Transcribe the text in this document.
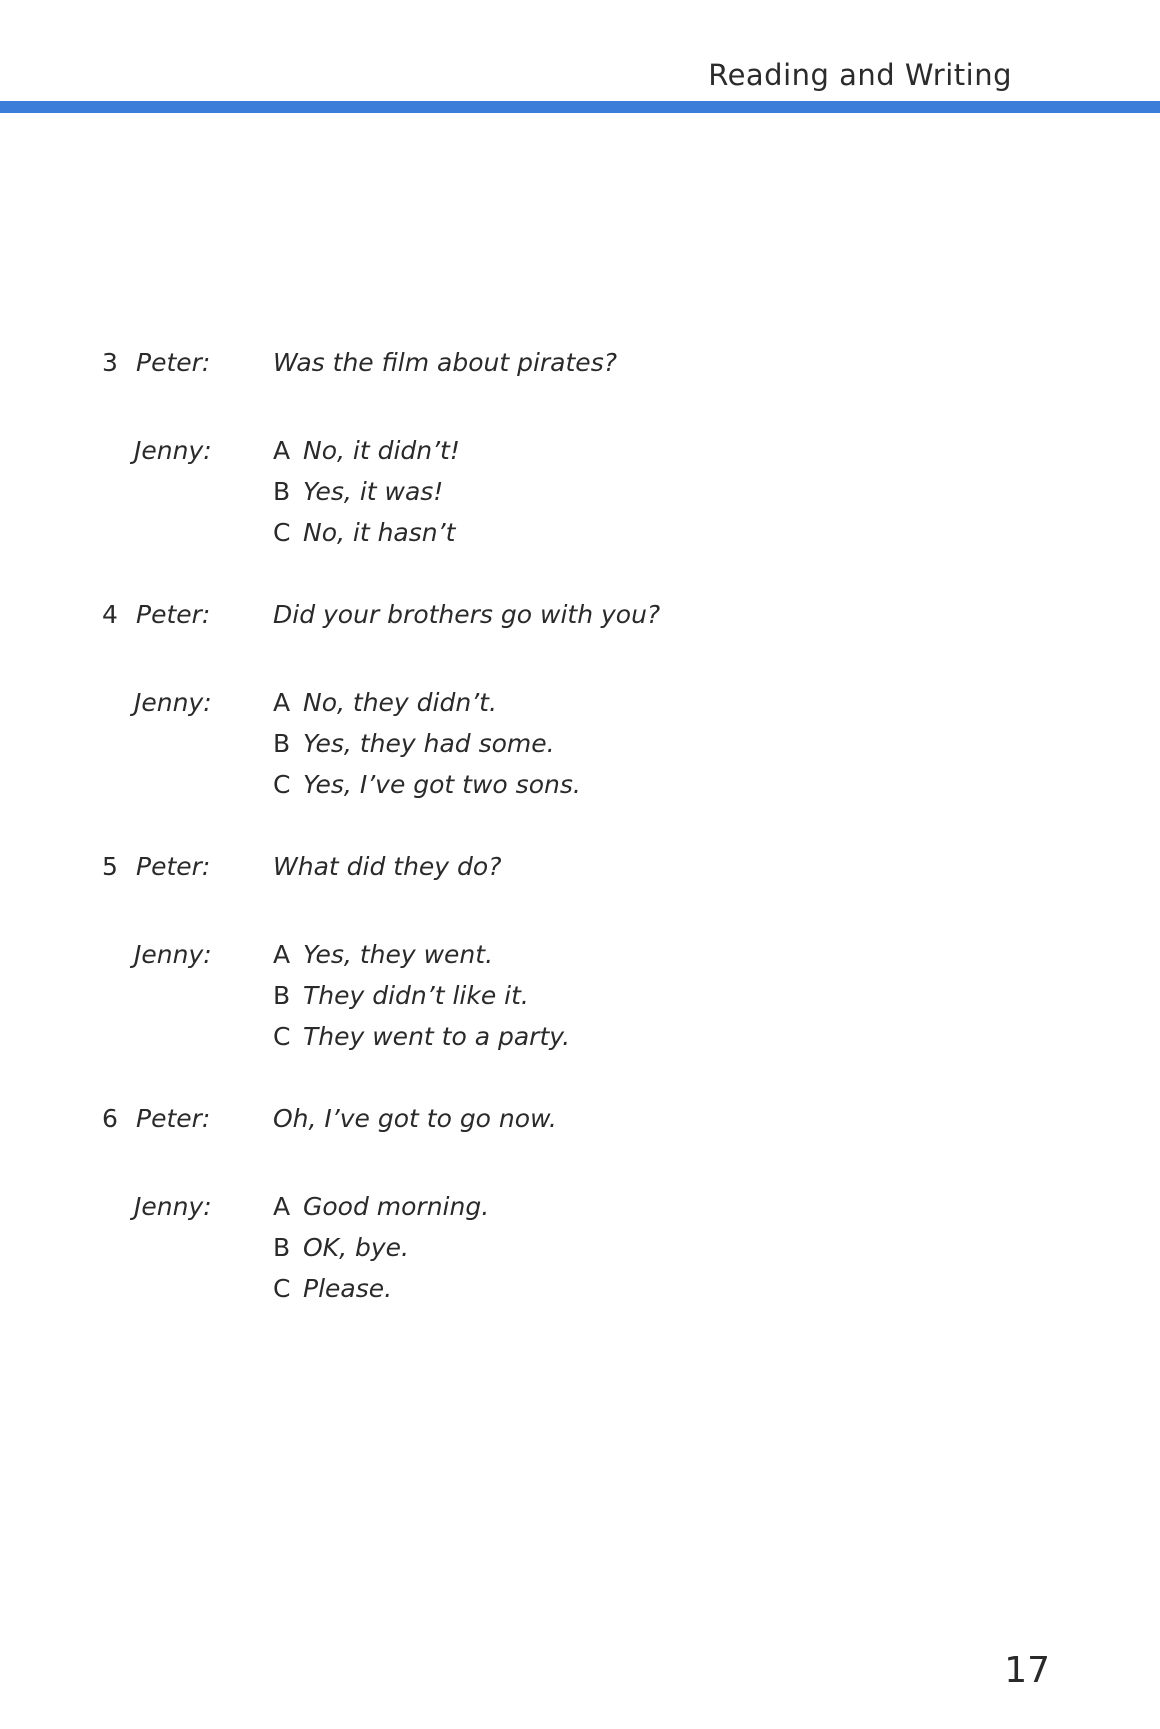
Reading and Writing
3 Peter:	Was the film about pirates?
Jenny: A No, it didn’t!
B Yes, it was!
C No, it hasn’t
4 Peter:	Did your brothers go with you?
Jenny: A No, they didn’t.
B Yes, they had some.
C Yes, I’ve got two sons.
5 Peter:	What did they do?
Jenny: A Yes, they went.
B They didn’t like it.
C They went to a party.
6 Peter:	Oh, I’ve got to go now.
Jenny: A Good morning.
B OK, bye.
C Please.
17
